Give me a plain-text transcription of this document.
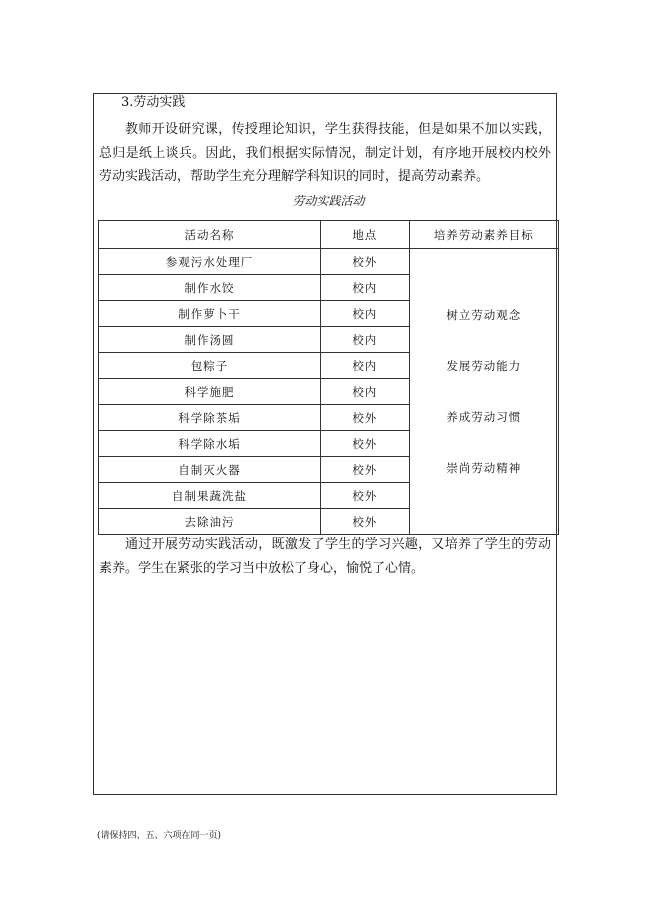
3.劳动实践

教师开设研究课，传授理论知识，学生获得技能，但是如果不加以实践，总归是纸上谈兵。因此，我们根据实际情况，制定计划，有序地开展校内校外劳动实践活动，帮助学生充分理解学科知识的同时，提高劳动素养。

劳动实践活动
活动名称	地点	培养劳动素养目标
参观污水处理厂	校外	树立劳动观念
发展劳动能力
养成劳动习惯
崇尚劳动精神

制作水饺	校内	
制作萝卜干	校内	
制作汤圆	校内	
包粽子	校内	
科学施肥	校内	
科学除茶垢	校外	
科学除水垢	校外	
自制灭火器	校外	
自制果蔬洗盐	校外	
去除油污	校外	

通过开展劳动实践活动，既激发了学生的学习兴趣，又培养了学生的劳动素养。学生在紧张的学习当中放松了身心，愉悦了心情。

(请保持四、五、六项在同一页)
